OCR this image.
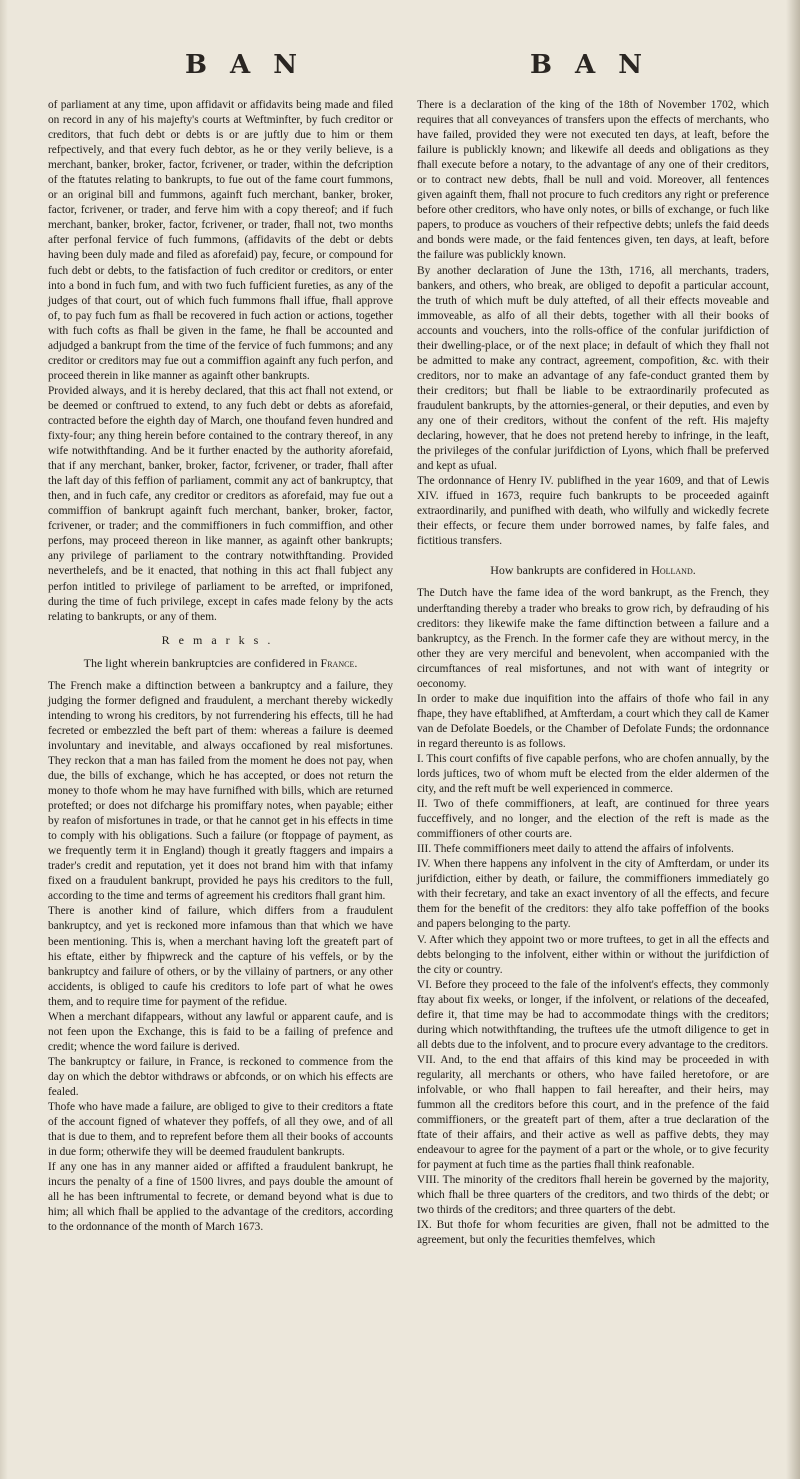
B A N	B A N

of parliament at any time, upon affidavit or affidavits being made and filed on record in any of his majefty's courts at Weftminfter, by fuch creditor or creditors, that fuch debt or debts is or are juftly due to him or them refpectively, and that every fuch debtor, as he or they verily believe, is a merchant, banker, broker, factor, fcrivener, or trader, within the defcription of the ftatutes relating to bankrupts, to fue out of the fame court fummons, or an original bill and fummons, againft fuch merchant, banker, broker, factor, fcrivener, or trader, and ferve him with a copy thereof; and if fuch merchant, banker, broker, factor, fcrivener, or trader, fhall not, two months after perfonal fervice of fuch fummons, (affidavits of the debt or debts having been duly made and filed as aforefaid) pay, fecure, or compound for fuch debt or debts, to the fatisfaction of fuch creditor or creditors, or enter into a bond in fuch fum, and with two fuch fufficient fureties, as any of the judges of that court, out of which fuch fummons fhall iffue, fhall approve of, to pay fuch fum as fhall be recovered in fuch action or actions, together with fuch cofts as fhall be given in the fame, he fhall be accounted and adjudged a bankrupt from the time of the fervice of fuch fummons; and any creditor or creditors may fue out a commiffion againft any fuch perfon, and proceed therein in like manner as againft other bankrupts.

Provided always, and it is hereby declared, that this act fhall not extend, or be deemed or conftrued to extend, to any fuch debt or debts as aforefaid, contracted before the eighth day of March, one thoufand feven hundred and fixty-four; any thing herein before contained to the contrary thereof, in any wife notwithftanding. And be it further enacted by the authority aforefaid, that if any merchant, banker, broker, factor, fcrivener, or trader, fhall after the laft day of this feffion of parliament, commit any act of bankruptcy, that then, and in fuch cafe, any creditor or creditors as aforefaid, may fue out a commiffion of bankrupt againft fuch merchant, banker, broker, factor, fcrivener, or trader; and the commiffioners in fuch commiffion, and other perfons, may proceed thereon in like manner, as againft other bankrupts; any privilege of parliament to the contrary notwithftanding. Provided neverthelefs, and be it enacted, that nothing in this act fhall fubject any perfon intitled to privilege of parliament to be arrefted, or imprifoned, during the time of fuch privilege, except in cafes made felony by the acts relating to bankrupts, or any of them.

Remarks.
The light wherein bankruptcies are confidered in France.

The French make a diftinction between a bankruptcy and a failure, they judging the former defigned and fraudulent, a merchant thereby wickedly intending to wrong his creditors, by not furrendering his effects, till he had fecreted or embezzled the beft part of them: whereas a failure is deemed involuntary and inevitable, and always occafioned by real misfortunes. They reckon that a man has failed from the moment he does not pay, when due, the bills of exchange, which he has accepted, or does not return the money to thofe whom he may have furnifhed with bills, which are returned protefted; or does not difcharge his promiffary notes, when payable; either by reafon of misfortunes in trade, or that he cannot get in his effects in time to comply with his obligations. Such a failure (or ftoppage of payment, as we frequently term it in England) though it greatly ftaggers and impairs a trader's credit and reputation, yet it does not brand him with that infamy fixed on a fraudulent bankrupt, provided he pays his creditors to the full, according to the time and terms of agreement his creditors fhall grant him.

There is another kind of failure, which differs from a fraudulent bankruptcy, and yet is reckoned more infamous than that which we have been mentioning. This is, when a merchant having loft the greateft part of his eftate, either by fhipwreck and the capture of his veffels, or by the bankruptcy and failure of others, or by the villainy of partners, or any other accidents, is obliged to caufe his creditors to lofe part of what he owes them, and to require time for payment of the refidue.

When a merchant difappears, without any lawful or apparent caufe, and is not feen upon the Exchange, this is faid to be a failing of prefence and credit; whence the word failure is derived.

The bankruptcy or failure, in France, is reckoned to commence from the day on which the debtor withdraws or abfconds, or on which his effects are fealed.

Thofe who have made a failure, are obliged to give to their creditors a ftate of the account figned of whatever they poffefs, of all they owe, and of all that is due to them, and to reprefent before them all their books of accounts in due form; otherwife they will be deemed fraudulent bankrupts.

If any one has in any manner aided or affifted a fraudulent bankrupt, he incurs the penalty of a fine of 1500 livres, and pays double the amount of all he has been inftrumental to fecrete, or demand beyond what is due to him; all which fhall be applied to the advantage of the creditors, according to the ordonnance of the month of March 1673.

There is a declaration of the king of the 18th of November 1702, which requires that all conveyances of transfers upon the effects of merchants, who have failed, provided they were not executed ten days, at leaft, before the failure is publickly known; and likewife all deeds and obligations as they fhall execute before a notary, to the advantage of any one of their creditors, or to contract new debts, fhall be null and void. Moreover, all fentences given againft them, fhall not procure to fuch creditors any right or preference before other creditors, who have only notes, or bills of exchange, or fuch like papers, to produce as vouchers of their refpective debts; unlefs the faid deeds and bonds were made, or the faid fentences given, ten days, at leaft, before the failure was publickly known.

By another declaration of June the 13th, 1716, all merchants, traders, bankers, and others, who break, are obliged to depofit a particular account, the truth of which muft be duly attefted, of all their effects moveable and immoveable, as alfo of all their debts, together with all their books of accounts and vouchers, into the rolls-office of the confular jurifdiction of their dwelling-place, or of the next place; in default of which they fhall not be admitted to make any contract, agreement, compofition, &c. with their creditors, nor to make an advantage of any fafe-conduct granted them by their creditors; but fhall be liable to be extraordinarily profecuted as fraudulent bankrupts, by the attornies-general, or their deputies, and even by any one of their creditors, without the confent of the reft. His majefty declaring, however, that he does not pretend hereby to infringe, in the leaft, the privileges of the confular jurifdiction of Lyons, which fhall be preferved and kept as ufual.

The ordonnance of Henry IV. publifhed in the year 1609, and that of Lewis XIV. iffued in 1673, require fuch bankrupts to be proceeded againft extraordinarily, and punifhed with death, who wilfully and wickedly fecrete their effects, or fecure them under borrowed names, by falfe fales, and fictitious transfers.

How bankrupts are confidered in Holland.

The Dutch have the fame idea of the word bankrupt, as the French, they underftanding thereby a trader who breaks to grow rich, by defrauding of his creditors: they likewife make the fame diftinction between a failure and a bankruptcy, as the French. In the former cafe they are without mercy, in the other they are very merciful and benevolent, when accompanied with the circumftances of real misfortunes, and not with want of integrity or oeconomy.

In order to make due inquifition into the affairs of thofe who fail in any fhape, they have eftablifhed, at Amfterdam, a court which they call de Kamer van de Defolate Boedels, or the Chamber of Defolate Funds; the ordonnance in regard thereunto is as follows.

I. This court confifts of five capable perfons, who are chofen annually, by the lords juftices, two of whom muft be elected from the elder aldermen of the city, and the reft muft be well experienced in commerce.

II. Two of thefe commiffioners, at leaft, are continued for three years fucceffively, and no longer, and the election of the reft is made as the commiffioners of other courts are.

III. Thefe commiffioners meet daily to attend the affairs of infolvents.

IV. When there happens any infolvent in the city of Amfterdam, or under its jurifdiction, either by death, or failure, the commiffioners immediately go with their fecretary, and take an exact inventory of all the effects, and fecure them for the benefit of the creditors: they alfo take poffeffion of the books and papers belonging to the party.

V. After which they appoint two or more truftees, to get in all the effects and debts belonging to the infolvent, either within or without the jurifdiction of the city or country.

VI. Before they proceed to the fale of the infolvent's effects, they commonly ftay about fix weeks, or longer, if the infolvent, or relations of the deceafed, defire it, that time may be had to accommodate things with the creditors; during which notwithftanding, the truftees ufe the utmoft diligence to get in all debts due to the infolvent, and to procure every advantage to the creditors.

VII. And, to the end that affairs of this kind may be proceeded in with regularity, all merchants or others, who have failed heretofore, or are infolvable, or who fhall happen to fail hereafter, and their heirs, may fummon all the creditors before this court, and in the prefence of the faid commiffioners, or the greateft part of them, after a true declaration of the ftate of their affairs, and their active as well as paffive debts, they may endeavour to agree for the payment of a part or the whole, or to give fecurity for payment at fuch time as the parties fhall think reafonable.

VIII. The minority of the creditors fhall herein be governed by the majority, which fhall be three quarters of the creditors, and two thirds of the debt; or two thirds of the creditors; and three quarters of the debt.

IX. But thofe for whom fecurities are given, fhall not be admitted to the agreement, but only the fecurities themfelves, which
